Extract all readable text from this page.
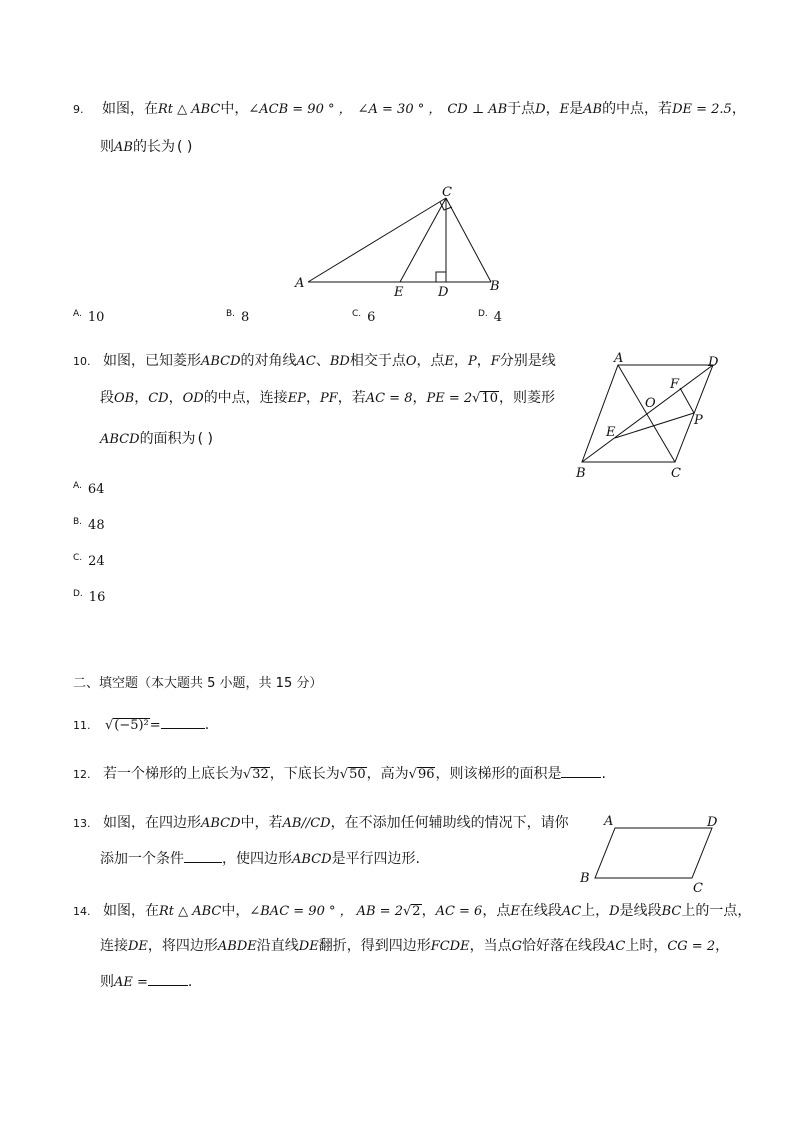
9. 如图，在Rt △ ABC中，∠ACB = 90 ° ， ∠A = 30 ° ， CD ⊥ AB于点D，E是AB的中点，若DE = 2.5，
则AB的长为 ( )
A	B
C
D
E
A. 10	B. 8	C. 6	D. 4
10. 如图，已知菱形ABCD的对角线AC、BD相交于点O，点E，P，F分别是线
段OB，CD，OD的中点，连接EP，PF，若AC = 8，PE = 2√10，则菱形
ABCD的面积为 ( )
A	D
B	C
O
E
F
P
A. 64
B. 48
C. 24
D. 16
二、填空题（本大题共 5 小题，共 15 分）
11. √(−5)²=	.
12. 若一个梯形的上底长为√32，下底长为√50，高为√96，则该梯形的面积是	.
13. 如图，在四边形ABCD中，若AB//CD，在不添加任何辅助线的情况下，请你
添加一个条件	，使四边形ABCD是平行四边形.
A	D
B
C
14. 如图，在Rt △ ABC中，∠BAC = 90 ° ， AB = 2√2，AC = 6，点E在线段AC上，D是线段BC上的一点，
连接DE，将四边形ABDE沿直线DE翻折，得到四边形FCDE，当点G恰好落在线段AC上时，CG = 2，
则AE =	.
